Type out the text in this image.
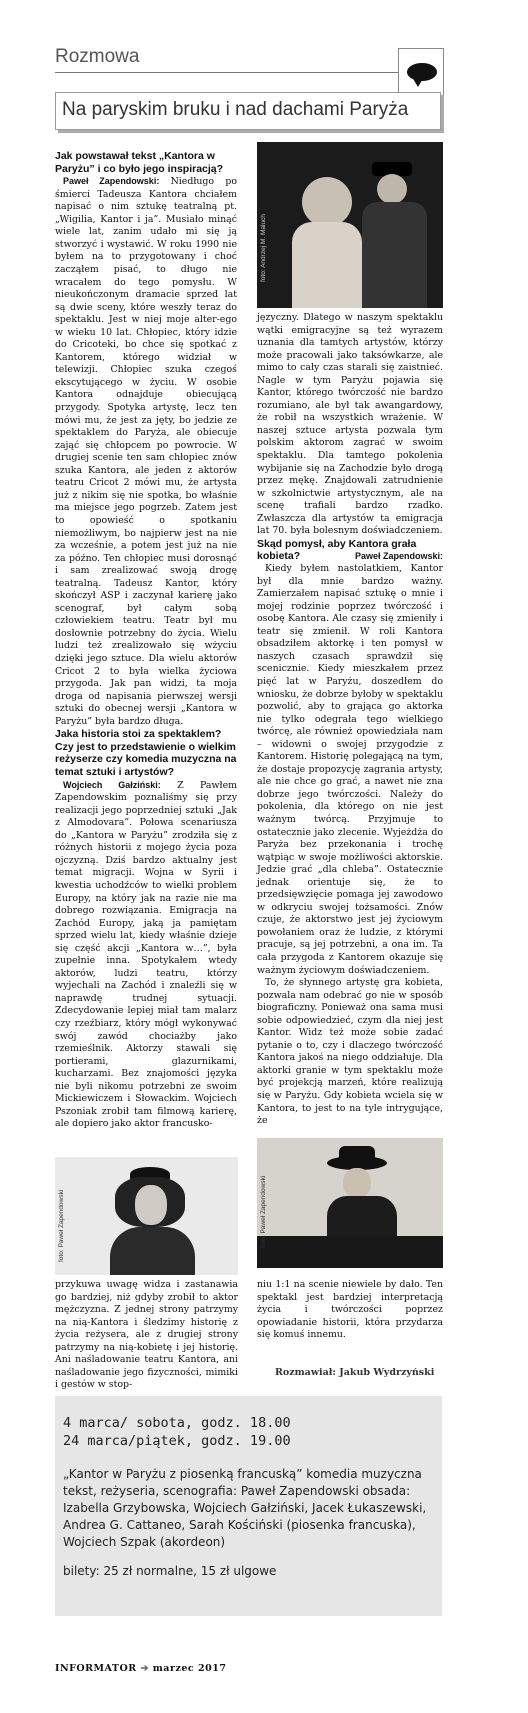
Rozmowa
Na paryskim bruku i nad dachami Paryża
Jak powstawał tekst „Kantora w Paryżu” i co było jego inspiracją?

Paweł Zapendowski: Niedługo po śmierci Tadeusza Kantora chciałem napisać o nim sztukę teatralną pt. „Wigilia, Kantor i ja”. Musiało minąć wiele lat, zanim udało mi się ją stworzyć i wystawić. W roku 1990 nie byłem na to przygotowany i choć zacząłem pisać, to długo nie wracałem do tego pomysłu. W nieukończonym dramacie sprzed lat są dwie sceny, które weszły teraz do spektaklu. Jest w niej moje alter-ego w wieku 10 lat. Chłopiec, który idzie do Cricoteki, bo chce się spotkać z Kantorem, którego widział w telewizji. Chłopiec szuka czegoś ekscytującego w życiu. W osobie Kantora odnajduje obiecującą przygody. Spotyka artystę, lecz ten mówi mu, że jest za jęty, bo jedzie ze spektaklem do Paryża, ale obiecuje zająć się chłopcem po powrocie. W drugiej scenie ten sam chłopiec znów szuka Kantora, ale jeden z aktorów teatru Cricot 2 mówi mu, że artysta już z nikim się nie spotka, bo właśnie ma miejsce jego pogrzeb. Zatem jest to opowieść o spotkaniu niemożliwym, bo najpierw jest na nie za wcześnie, a potem jest już na nie za późno. Ten chłopiec musi dorosnąć i sam zrealizować swoją drogę teatralną. Tadeusz Kantor, który skończył ASP i zaczynał karierę jako scenograf, był całym sobą człowiekiem teatru. Teatr był mu dosłownie potrzebny do życia. Wielu ludzi też zrealizowało się wżyciu dzięki jego sztuce. Dla wielu aktorów Cricot 2 to była wielka życiowa przygoda. Jak pan widzi, ta moja droga od napisania pierwszej wersji sztuki do obecnej wersji „Kantora w Paryżu” była bardzo długa.

Jaka historia stoi za spektaklem? Czy jest to przedstawienie o wielkim reżyserze czy komedia muzyczna na temat sztuki i artystów?

Wojciech Gałziński: Z Pawłem Zapendowskim poznaliśmy się przy realizacji jego poprzedniej sztuki „Jak z Almodovara”. Połowa scenariusza do „Kantora w Paryżu” zrodziła się z różnych historii z mojego życia poza ojczyzną. Dziś bardzo aktualny jest temat migracji. Wojna w Syrii i kwestia uchodźców to wielki problem Europy, na który jak na razie nie ma dobrego rozwiązania. Emigracja na Zachód Europy, jaką ja pamiętam sprzed wielu lat, kiedy właśnie dzieje się część akcji „Kantora w…”, była zupełnie inna. Spotykałem wtedy aktorów, ludzi teatru, którzy wyjechali na Zachód i znaleźli się w naprawdę trudnej sytuacji. Zdecydowanie lepiej miał tam malarz czy rzeźbiarz, który mógł wykonywać swój zawód chociażby jako rzemieślnik. Aktorzy stawali się portierami, glazurnikami, kucharzami. Bez znajomości języka nie byli nikomu potrzebni ze swoim Mickiewiczem i Słowackim. Wojciech Pszoniak zrobił tam filmową karierę, ale dopiero jako aktor francusko-

foto: Andrzej M. Maluch
języczny. Dlatego w naszym spektaklu wątki emigracyjne są też wyrazem uznania dla tamtych artystów, którzy może pracowali jako taksówkarze, ale mimo to cały czas starali się zaistnieć. Nagle w tym Paryżu pojawia się Kantor, którego twórczość nie bardzo rozumiano, ale był tak awangardowy, że robił na wszystkich wrażenie. W naszej sztuce artysta pozwala tym polskim aktorom zagrać w swoim spektaklu. Dla tamtego pokolenia wybijanie się na Zachodzie było drogą przez mękę. Znajdowali zatrudnienie w szkolnictwie artystycznym, ale na scenę trafiali bardzo rzadko. Zwłaszcza dla artystów ta emigracja lat 70. była bolesnym doświadczeniem.
Skąd pomysł, aby Kantora grała kobieta?	Paweł Zapendowski:

Kiedy byłem nastolatkiem, Kantor był dla mnie bardzo ważny. Zamierzałem napisać sztukę o mnie i mojej rodzinie poprzez twórczość i osobę Kantora. Ale czasy się zmieniły i teatr się zmienił. W roli Kantora obsadziłem aktorkę i ten pomysł w naszych czasach sprawdził się scenicznie. Kiedy mieszkałem przez pięć lat w Paryżu, doszedłem do wniosku, że dobrze byłoby w spektaklu pozwolić, aby to grająca go aktorka nie tylko odegrała tego wielkiego twórcę, ale również opowiedziała nam – widowni o swojej przygodzie z Kantorem. Historię polegającą na tym, że dostaje propozycję zagrania artysty, ale nie chce go grać, a nawet nie zna dobrze jego twórczości. Należy do pokolenia, dla którego on nie jest ważnym twórcą. Przyjmuje to ostatecznie jako zlecenie. Wyjeżdża do Paryża bez przekonania i trochę wątpiąc w swoje możliwości aktorskie. Jedzie grać „dla chleba”. Ostatecznie jednak orientuje się, że to przedsięwzięcie pomaga jej zawodowo w odkryciu swojej tożsamości. Znów czuje, że aktorstwo jest jej życiowym powołaniem oraz że ludzie, z którymi pracuje, są jej potrzebni, a ona im. Ta cała przygoda z Kantorem okazuje się ważnym życiowym doświadczeniem.

To, że słynnego artystę gra kobieta, pozwala nam odebrać go nie w sposób biograficzny. Ponieważ ona sama musi sobie odpowiedzieć, czym dla niej jest Kantor. Widz też może sobie zadać pytanie o to, czy i dlaczego twórczość Kantora jakoś na niego oddziałuje. Dla aktorki granie w tym spektaklu może być projekcją marzeń, które realizują się w Paryżu. Gdy kobieta wciela się w Kantora, to jest to na tyle intrygujące, że

foto: Paweł Zapendowski	foto: Paweł Zapendowski
przykuwa uwagę widza i zastanawia go bardziej, niż gdyby zrobił to aktor mężczyzna. Z jednej strony patrzymy na nią-Kantora i śledzimy historię z życia reżysera, ale z drugiej strony patrzymy na nią-kobietę i jej historię. Ani naśladowanie teatru Kantora, ani naśladowanie jego fizyczności, mimiki i gestów w stop-
niu 1:1 na scenie niewiele by dało. Ten spektakl jest bardziej interpretacją życia i twórczości poprzez opowiadanie historii, która przydarza się komuś innemu.
Rozmawiał: Jakub Wydrzyński
4 marca/ sobota, godz. 18.00
24 marca/piątek, godz. 19.00
„Kantor w Paryżu z piosenką francuską” komedia muzyczna tekst, reżyseria, scenografia: Paweł Zapendowski obsada: Izabella Grzybowska, Wojciech Gałziński, Jacek Łukaszewski, Andrea G. Cattaneo, Sarah Kościński (piosenka francuska), Wojciech Szpak (akordeon)
bilety: 25 zł normalne, 15 zł ulgowe
INFORMATOR ➔ marzec 2017
